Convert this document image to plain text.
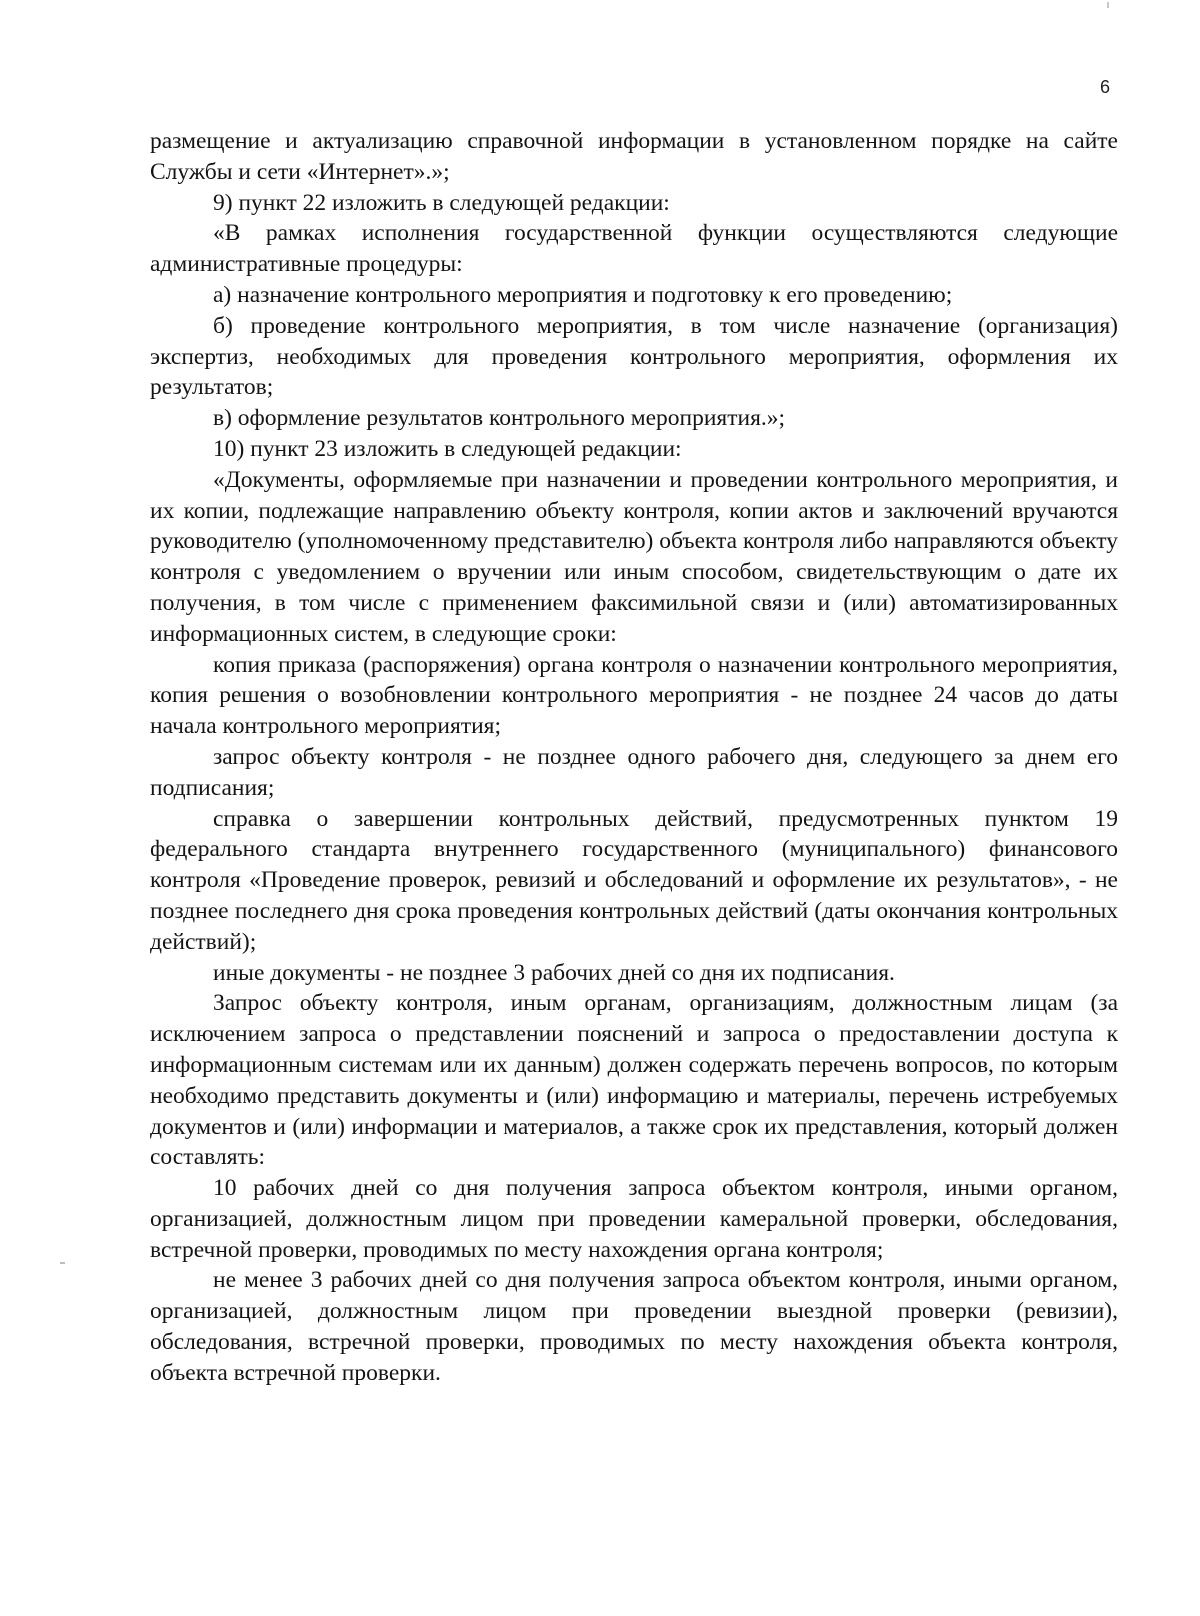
6

размещение и актуализацию справочной информации в установленном порядке на сайте Службы и сети «Интернет».»;

9) пункт 22 изложить в следующей редакции:

«В рамках исполнения государственной функции осуществляются следующие административные процедуры:

а) назначение контрольного мероприятия и подготовку к его проведению;

б) проведение контрольного мероприятия, в том числе назначение (организация) экспертиз, необходимых для проведения контрольного мероприятия, оформления их результатов;

в) оформление результатов контрольного мероприятия.»;

10) пункт 23 изложить в следующей редакции:

«Документы, оформляемые при назначении и проведении контрольного мероприятия, и их копии, подлежащие направлению объекту контроля, копии актов и заключений вручаются руководителю (уполномоченному представителю) объекта контроля либо направляются объекту контроля с уведомлением о вручении или иным способом, свидетельствующим о дате их получения, в том числе с применением факсимильной связи и (или) автоматизированных информационных систем, в следующие сроки:

копия приказа (распоряжения) органа контроля о назначении контрольного мероприятия, копия решения о возобновлении контрольного мероприятия - не позднее 24 часов до даты начала контрольного мероприятия;

запрос объекту контроля - не позднее одного рабочего дня, следующего за днем его подписания;

справка о завершении контрольных действий, предусмотренных пунктом 19 федерального стандарта внутреннего государственного (муниципального) финансового контроля «Проведение проверок, ревизий и обследований и оформление их результатов», - не позднее последнего дня срока проведения контрольных действий (даты окончания контрольных действий);

иные документы - не позднее 3 рабочих дней со дня их подписания.

Запрос объекту контроля, иным органам, организациям, должностным лицам (за исключением запроса о представлении пояснений и запроса о предоставлении доступа к информационным системам или их данным) должен содержать перечень вопросов, по которым необходимо представить документы и (или) информацию и материалы, перечень истребуемых документов и (или) информации и материалов, а также срок их представления, который должен составлять:

10 рабочих дней со дня получения запроса объектом контроля, иными органом, организацией, должностным лицом при проведении камеральной проверки, обследования, встречной проверки, проводимых по месту нахождения органа контроля;

не менее 3 рабочих дней со дня получения запроса объектом контроля, иными органом, организацией, должностным лицом при проведении выездной проверки (ревизии), обследования, встречной проверки, проводимых по месту нахождения объекта контроля, объекта встречной проверки.
